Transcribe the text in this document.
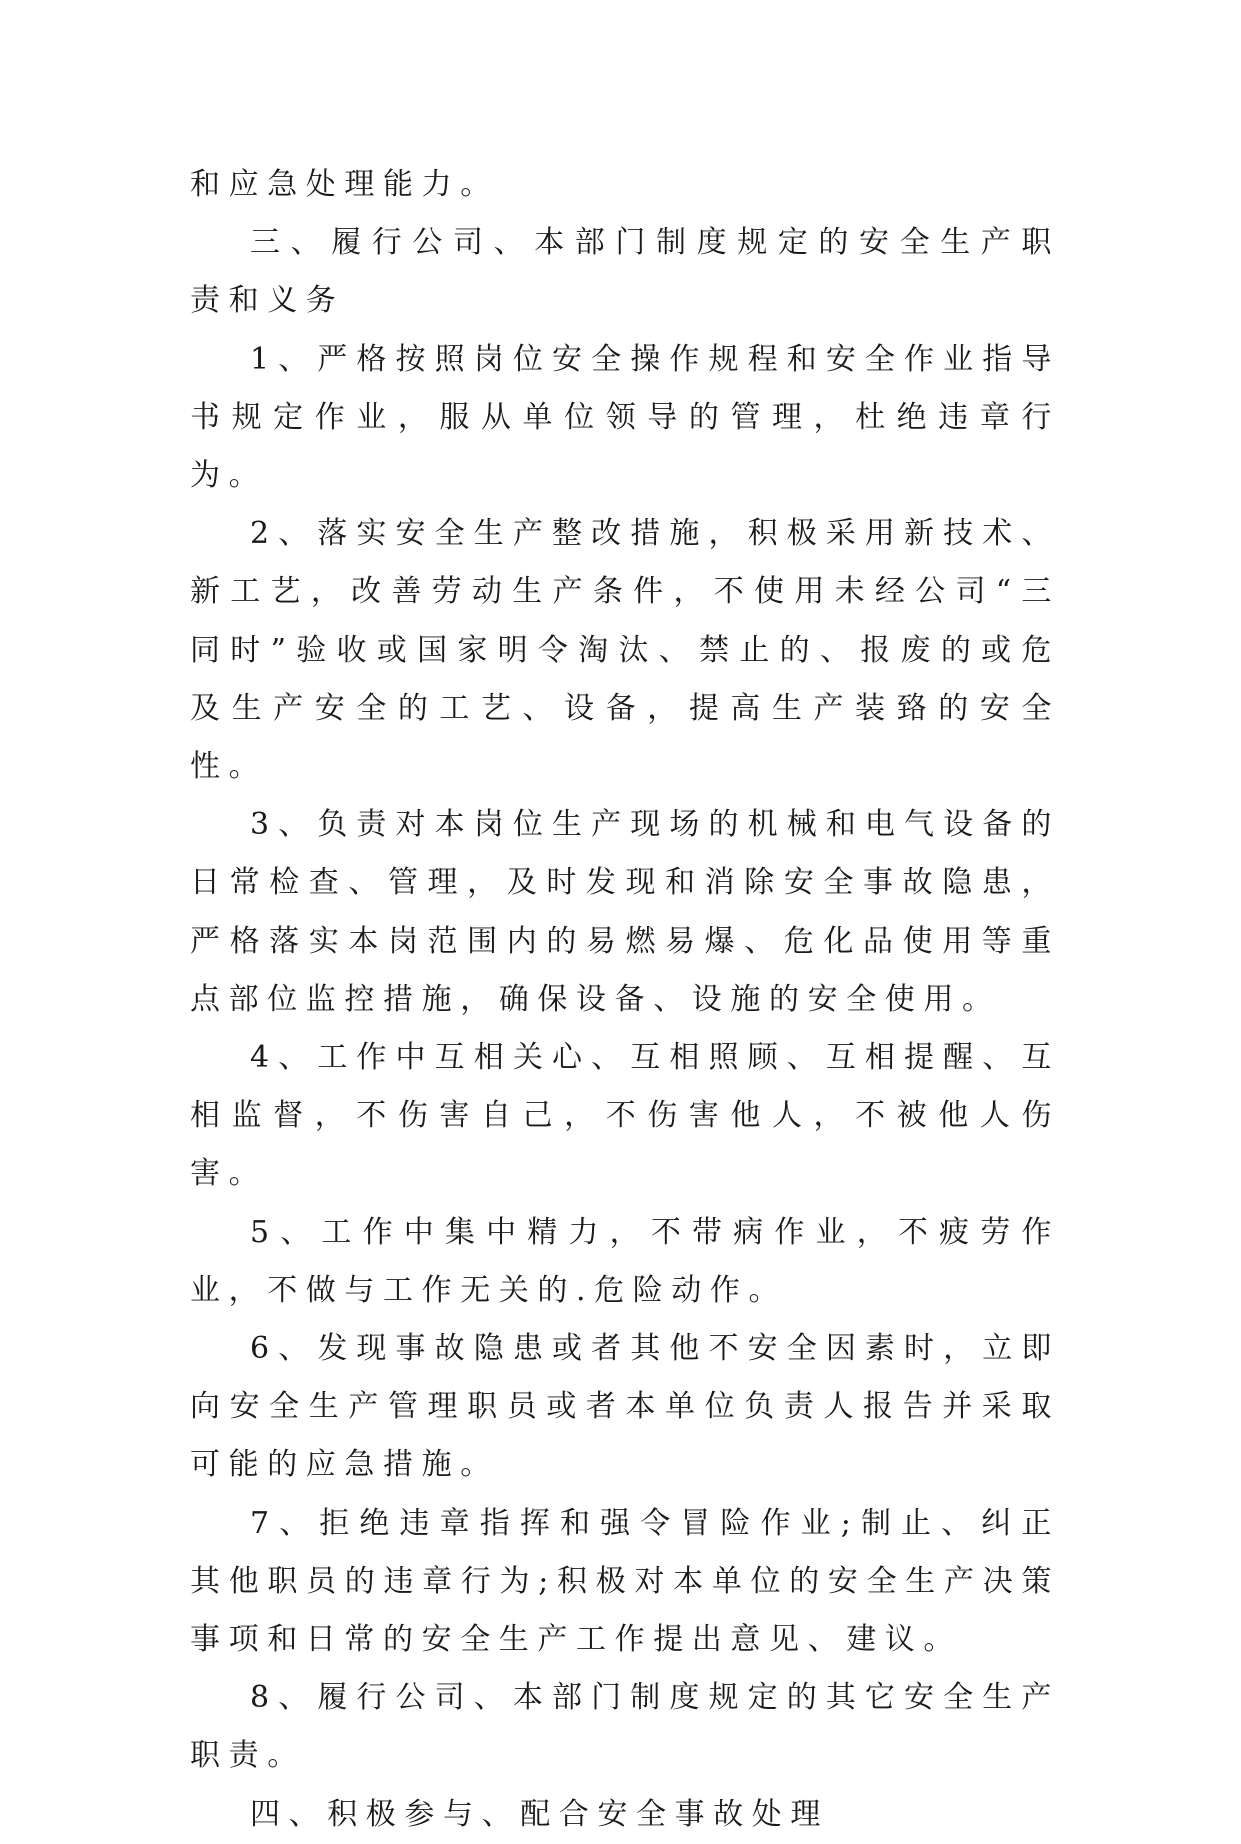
和应急处理能力。

三、履行公司、本部门制度规定的安全生产职责和义务

1、严格按照岗位安全操作规程和安全作业指导书规定作业，服从单位领导的管理，杜绝违章行为。

2、落实安全生产整改措施，积极采用新技术、新工艺，改善劳动生产条件，不使用未经公司“三同时”验收或国家明令淘汰、禁止的、报废的或危及生产安全的工艺、设备，提高生产装臵的安全性。

3、负责对本岗位生产现场的机械和电气设备的日常检查、管理，及时发现和消除安全事故隐患，严格落实本岗范围内的易燃易爆、危化品使用等重点部位监控措施，确保设备、设施的安全使用。

4、工作中互相关心、互相照顾、互相提醒、互相监督，不伤害自己，不伤害他人，不被他人伤害。

5、工作中集中精力，不带病作业，不疲劳作业，不做与工作无关的.危险动作。

6、发现事故隐患或者其他不安全因素时，立即向安全生产管理职员或者本单位负责人报告并采取可能的应急措施。

7、拒绝违章指挥和强令冒险作业;制止、纠正其他职员的违章行为;积极对本单位的安全生产决策事项和日常的安全生产工作提出意见、建议。

8、履行公司、本部门制度规定的其它安全生产职责。

四、积极参与、配合安全事故处理
